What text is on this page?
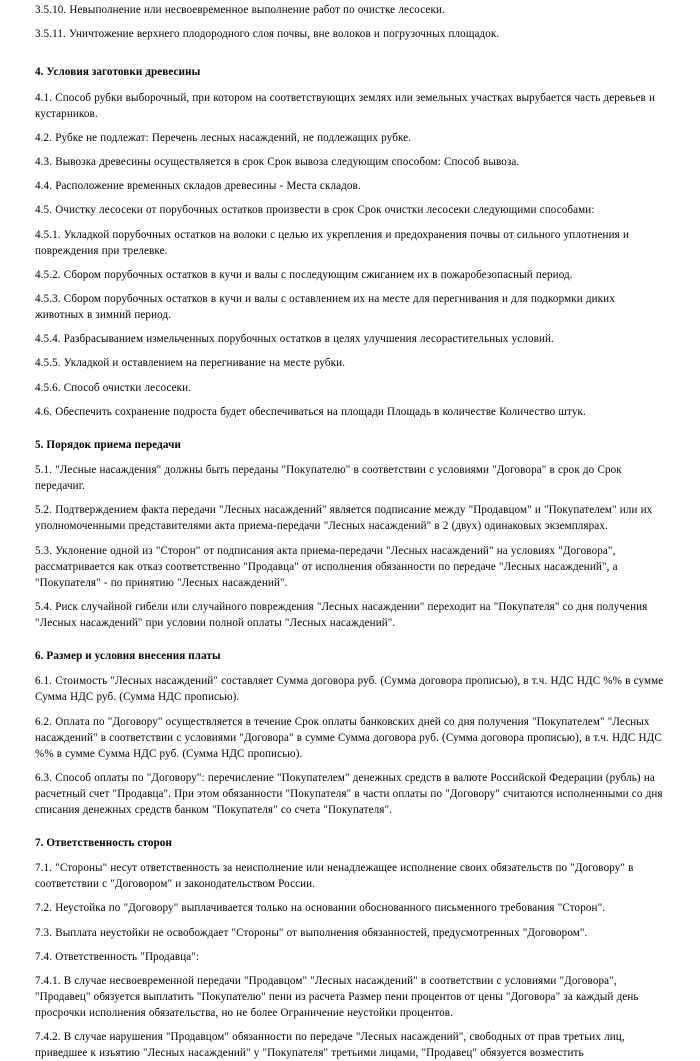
3.5.10. Невыполнение или несвоевременное выполнение работ по очистке лесосеки.

3.5.11. Уничтожение верхнего плодородного слоя почвы, вне волоков и погрузочных площадок.

4. Условия заготовки древесины

4.1. Способ рубки выборочный, при котором на соответствующих землях или земельных участках вырубается часть деревьев и кустарников.

4.2. Рубке не подлежат: Перечень лесных насаждений, не подлежащих рубке.

4.3. Вывозка древесины осуществляется в срок Срок вывоза следующим способом: Способ вывоза.

4.4. Расположение временных складов древесины - Места складов.

4.5. Очистку лесосеки от порубочных остатков произвести в срок Срок очистки лесосеки следующими способами:

4.5.1. Укладкой порубочных остатков на волоки с целью их укрепления и предохранения почвы от сильного уплотнения и повреждения при трелевке.

4.5.2. Сбором порубочных остатков в кучи и валы с последующим сжиганием их в пожаробезопасный период.

4.5.3. Сбором порубочных остатков в кучи и валы с оставлением их на месте для перегнивания и для подкормки диких животных в зимний период.

4.5.4. Разбрасыванием измельченных порубочных остатков в целях улучшения лесорастительных условий.

4.5.5. Укладкой и оставлением на перегнивание на месте рубки.

4.5.6. Способ очистки лесосеки.

4.6. Обеспечить сохранение подроста будет обеспечиваться на площади Площадь в количестве Количество штук.

5. Порядок приема передачи

5.1. "Лесные насаждения" должны быть переданы "Покупателю" в соответствии с условиями "Договора" в срок до Срок передачиг.

5.2. Подтверждением факта передачи "Лесных насаждений" является подписание между "Продавцом" и "Покупателем" или их уполномоченными представителями акта приема-передачи "Лесных насаждений" в 2 (двух) одинаковых экземплярах.

5.3. Уклонение одной из "Сторон" от подписания акта приема-передачи "Лесных насаждений" на условиях "Договора", рассматривается как отказ соответственно "Продавца" от исполнения обязанности по передаче "Лесных насаждений", а "Покупателя" - по принятию "Лесных насаждений".

5.4. Риск случайной гибели или случайного повреждения "Лесных насаждении" переходит на "Покупателя" со дня получения "Лесных насаждений" при условии полной оплаты "Лесных насаждений".

6. Размер и условия внесения платы

6.1. Стоимость "Лесных насаждений" составляет Сумма договора руб. (Сумма договора прописью), в т.ч. НДС НДС %% в сумме Сумма НДС руб. (Сумма НДС прописью).

6.2. Оплата по "Договору" осуществляется в течение Срок оплаты банковских дней со дня получения "Покупателем" "Лесных насаждений" в соответствии с условиями "Договора" в сумме Сумма договора руб. (Сумма договора прописью), в т.ч. НДС НДС %% в сумме Сумма НДС руб. (Сумма НДС прописью).

6.3. Способ оплаты по "Договору": перечисление "Покупателем" денежных средств в валюте Российской Федерации (рубль) на расчетный счет "Продавца". При этом обязанности "Покупателя" в части оплаты по "Договору" считаются исполненными со дня списания денежных средств банком "Покупателя" со счета "Покупателя".

7. Ответственность сторон

7.1. "Стороны" несут ответственность за неисполнение или ненадлежащее исполнение своих обязательств по "Договору" в соответствии с "Договором" и законодательством России.

7.2. Неустойка по "Договору" выплачивается только на основании обоснованного письменного требования "Сторон".

7.3. Выплата неустойки не освобождает "Стороны" от выполнения обязанностей, предусмотренных "Договором".

7.4. Ответственность "Продавца":

7.4.1. В случае несвоевременной передачи "Продавцом" "Лесных насаждений" в соответствии с условиями "Договора", "Продавец" обязуется выплатить "Покупателю" пени из расчета Размер пени процентов от цены "Договора" за каждый день просрочки исполнения обязательства, но не более Ограничение неустойки процентов.

7.4.2. В случае нарушения "Продавцом" обязанности по передаче "Лесных насаждений", свободных от прав третьих лиц, приведшее к изъятию "Лесных насаждений" у "Покупателя" третьими лицами, "Продавец" обязуется возместить
